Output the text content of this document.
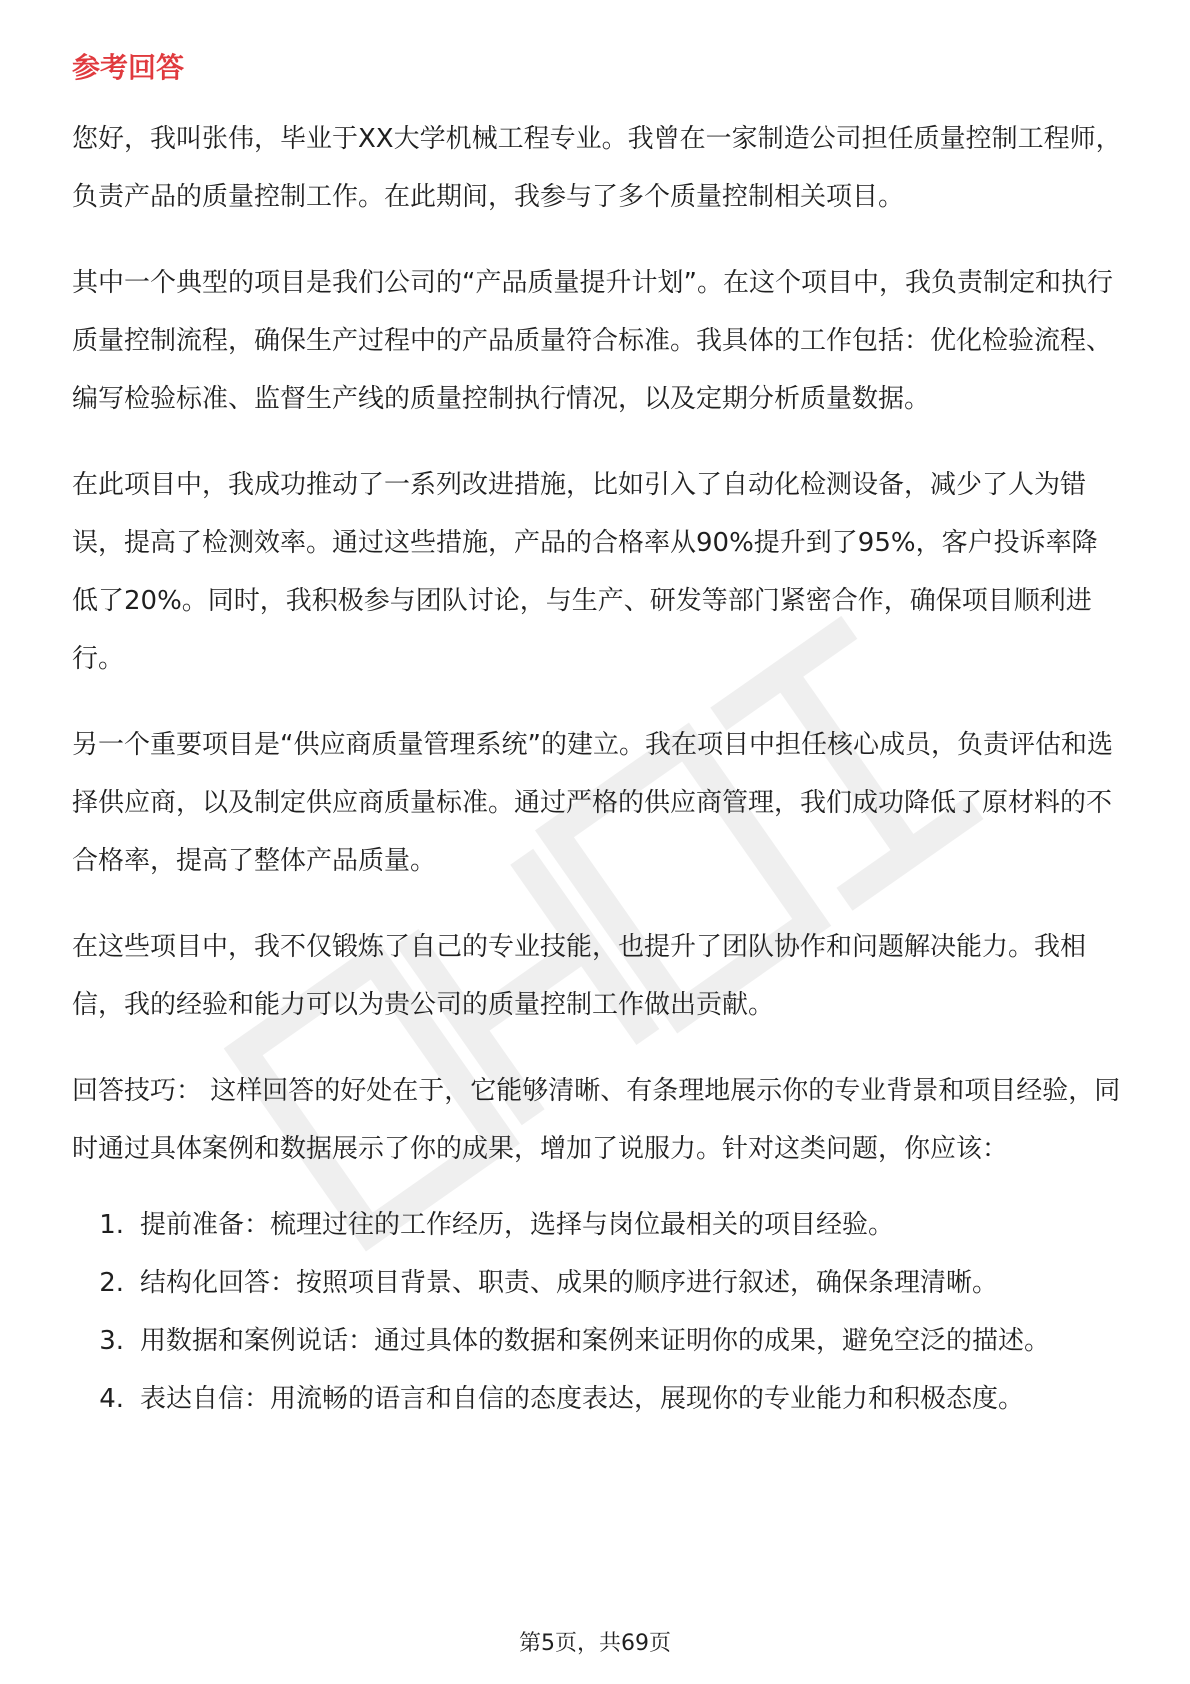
参考回答

您好，我叫张伟，毕业于XX大学机械工程专业。我曾在一家制造公司担任质量控制工程师，负责产品的质量控制工作。在此期间，我参与了多个质量控制相关项目。

其中一个典型的项目是我们公司的“产品质量提升计划”。在这个项目中，我负责制定和执行质量控制流程，确保生产过程中的产品质量符合标准。我具体的工作包括：优化检验流程、编写检验标准、监督生产线的质量控制执行情况，以及定期分析质量数据。

在此项目中，我成功推动了一系列改进措施，比如引入了自动化检测设备，减少了人为错误，提高了检测效率。通过这些措施，产品的合格率从90%提升到了95%，客户投诉率降低了20%。同时，我积极参与团队讨论，与生产、研发等部门紧密合作，确保项目顺利进行。

另一个重要项目是“供应商质量管理系统”的建立。我在项目中担任核心成员，负责评估和选择供应商，以及制定供应商质量标准。通过严格的供应商管理，我们成功降低了原材料的不合格率，提高了整体产品质量。

在这些项目中，我不仅锻炼了自己的专业技能，也提升了团队协作和问题解决能力。我相信，我的经验和能力可以为贵公司的质量控制工作做出贡献。

回答技巧： 这样回答的好处在于，它能够清晰、有条理地展示你的专业背景和项目经验，同时通过具体案例和数据展示了你的成果，增加了说服力。针对这类问题，你应该：

1. 提前准备：梳理过往的工作经历，选择与岗位最相关的项目经验。
2. 结构化回答：按照项目背景、职责、成果的顺序进行叙述，确保条理清晰。
3. 用数据和案例说话：通过具体的数据和案例来证明你的成果，避免空泛的描述。
4. 表达自信：用流畅的语言和自信的态度表达，展现你的专业能力和积极态度。
第5页，共69页
